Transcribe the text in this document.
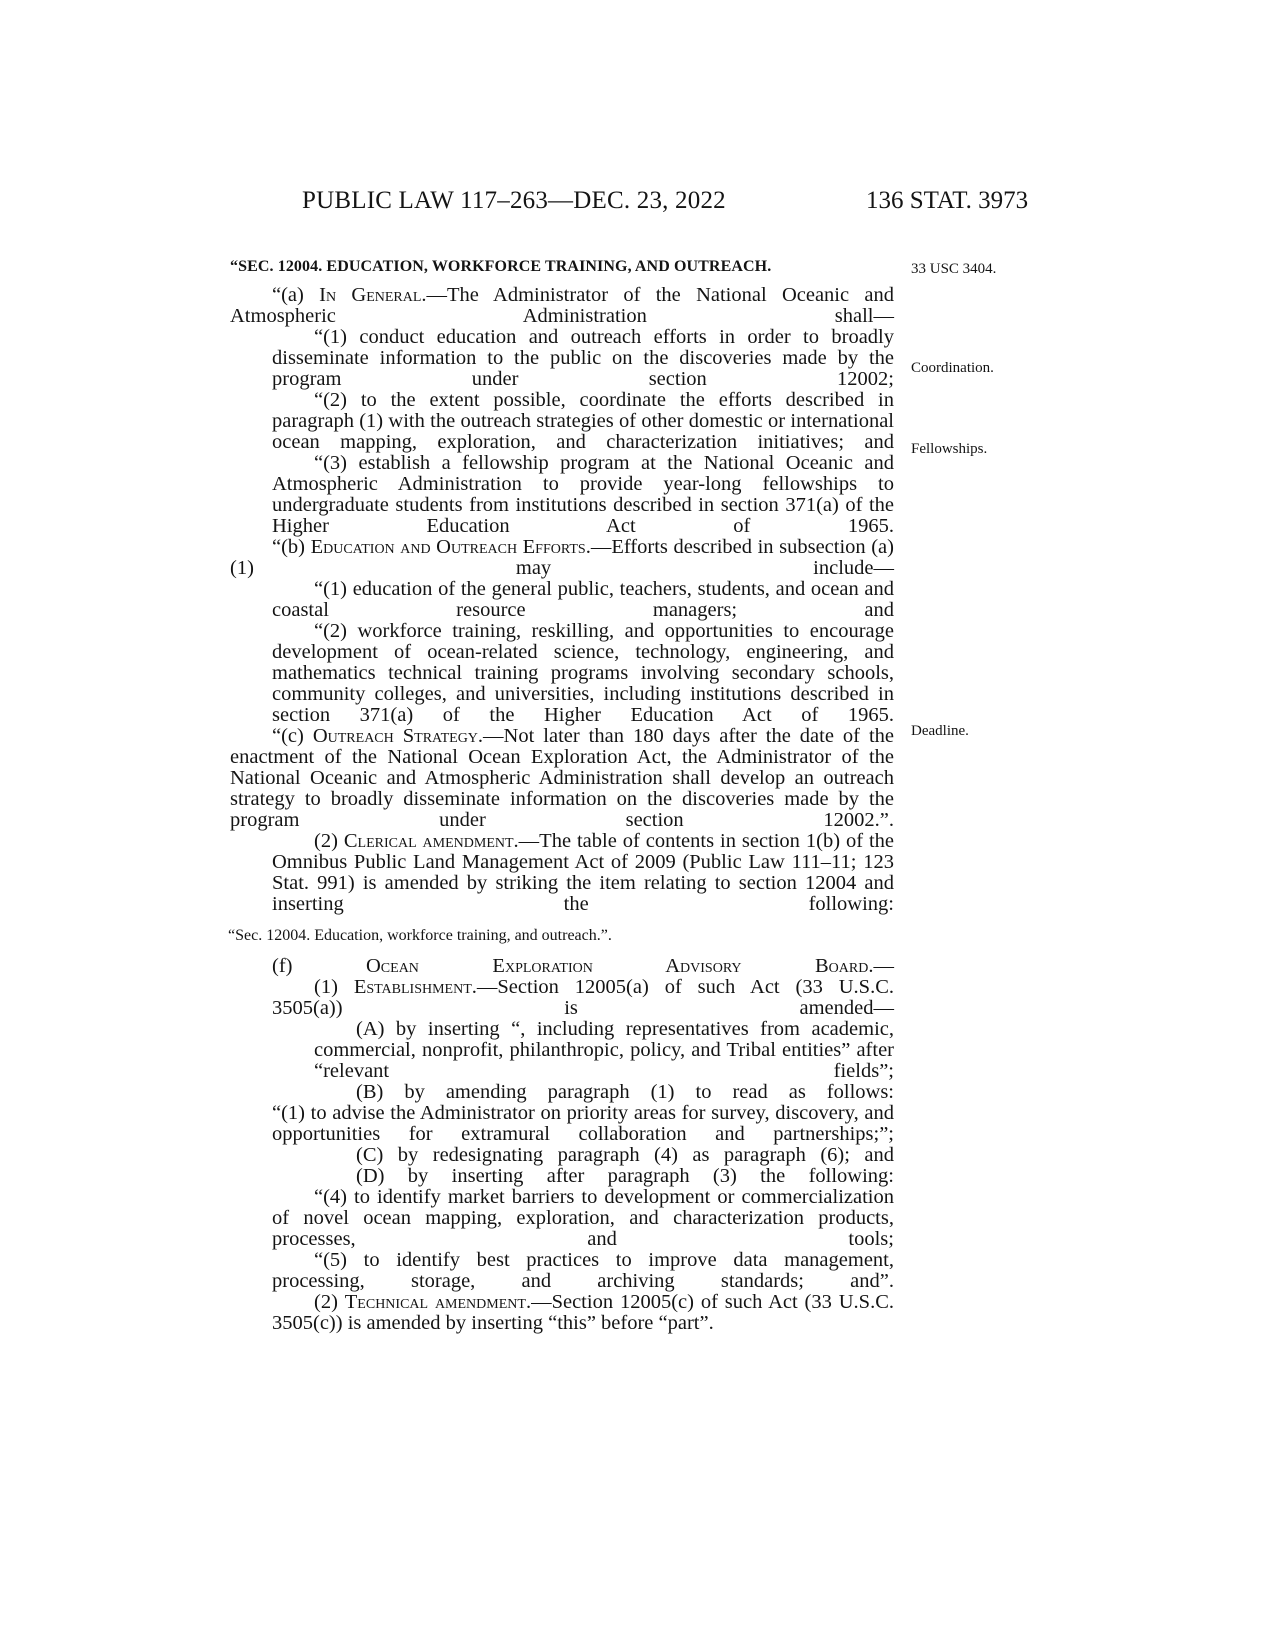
PUBLIC LAW 117–263—DEC. 23, 2022	136 STAT. 3973
33 USC 3404.
Coordination.
Fellowships.
Deadline.
“SEC. 12004. EDUCATION, WORKFORCE TRAINING, AND OUTREACH.
“(a) In General.—The Administrator of the National Oceanic and Atmospheric Administration shall—
“(1) conduct education and outreach efforts in order to broadly disseminate information to the public on the discoveries made by the program under section 12002;
“(2) to the extent possible, coordinate the efforts described in paragraph (1) with the outreach strategies of other domestic or international ocean mapping, exploration, and characterization initiatives; and
“(3) establish a fellowship program at the National Oceanic and Atmospheric Administration to provide year-long fellowships to undergraduate students from institutions described in section 371(a) of the Higher Education Act of 1965.
“(b) Education and Outreach Efforts.—Efforts described in subsection (a)(1) may include—
“(1) education of the general public, teachers, students, and ocean and coastal resource managers; and
“(2) workforce training, reskilling, and opportunities to encourage development of ocean-related science, technology, engineering, and mathematics technical training programs involving secondary schools, community colleges, and universities, including institutions described in section 371(a) of the Higher Education Act of 1965.
“(c) Outreach Strategy.—Not later than 180 days after the date of the enactment of the National Ocean Exploration Act, the Administrator of the National Oceanic and Atmospheric Administration shall develop an outreach strategy to broadly disseminate information on the discoveries made by the program under section 12002.”.
(2) Clerical amendment.—The table of contents in section 1(b) of the Omnibus Public Land Management Act of 2009 (Public Law 111–11; 123 Stat. 991) is amended by striking the item relating to section 12004 and inserting the following:
“Sec. 12004. Education, workforce training, and outreach.”.
(f) Ocean Exploration Advisory Board.—
(1) Establishment.—Section 12005(a) of such Act (33 U.S.C. 3505(a)) is amended—
(A) by inserting “, including representatives from academic, commercial, nonprofit, philanthropic, policy, and Tribal entities” after “relevant fields”;
(B) by amending paragraph (1) to read as follows:
“(1) to advise the Administrator on priority areas for survey, discovery, and opportunities for extramural collaboration and partnerships;”;
(C) by redesignating paragraph (4) as paragraph (6); and
(D) by inserting after paragraph (3) the following:
“(4) to identify market barriers to development or commercialization of novel ocean mapping, exploration, and characterization products, processes, and tools;
“(5) to identify best practices to improve data management, processing, storage, and archiving standards; and”.
(2) Technical amendment.—Section 12005(c) of such Act (33 U.S.C. 3505(c)) is amended by inserting “this” before “part”.
